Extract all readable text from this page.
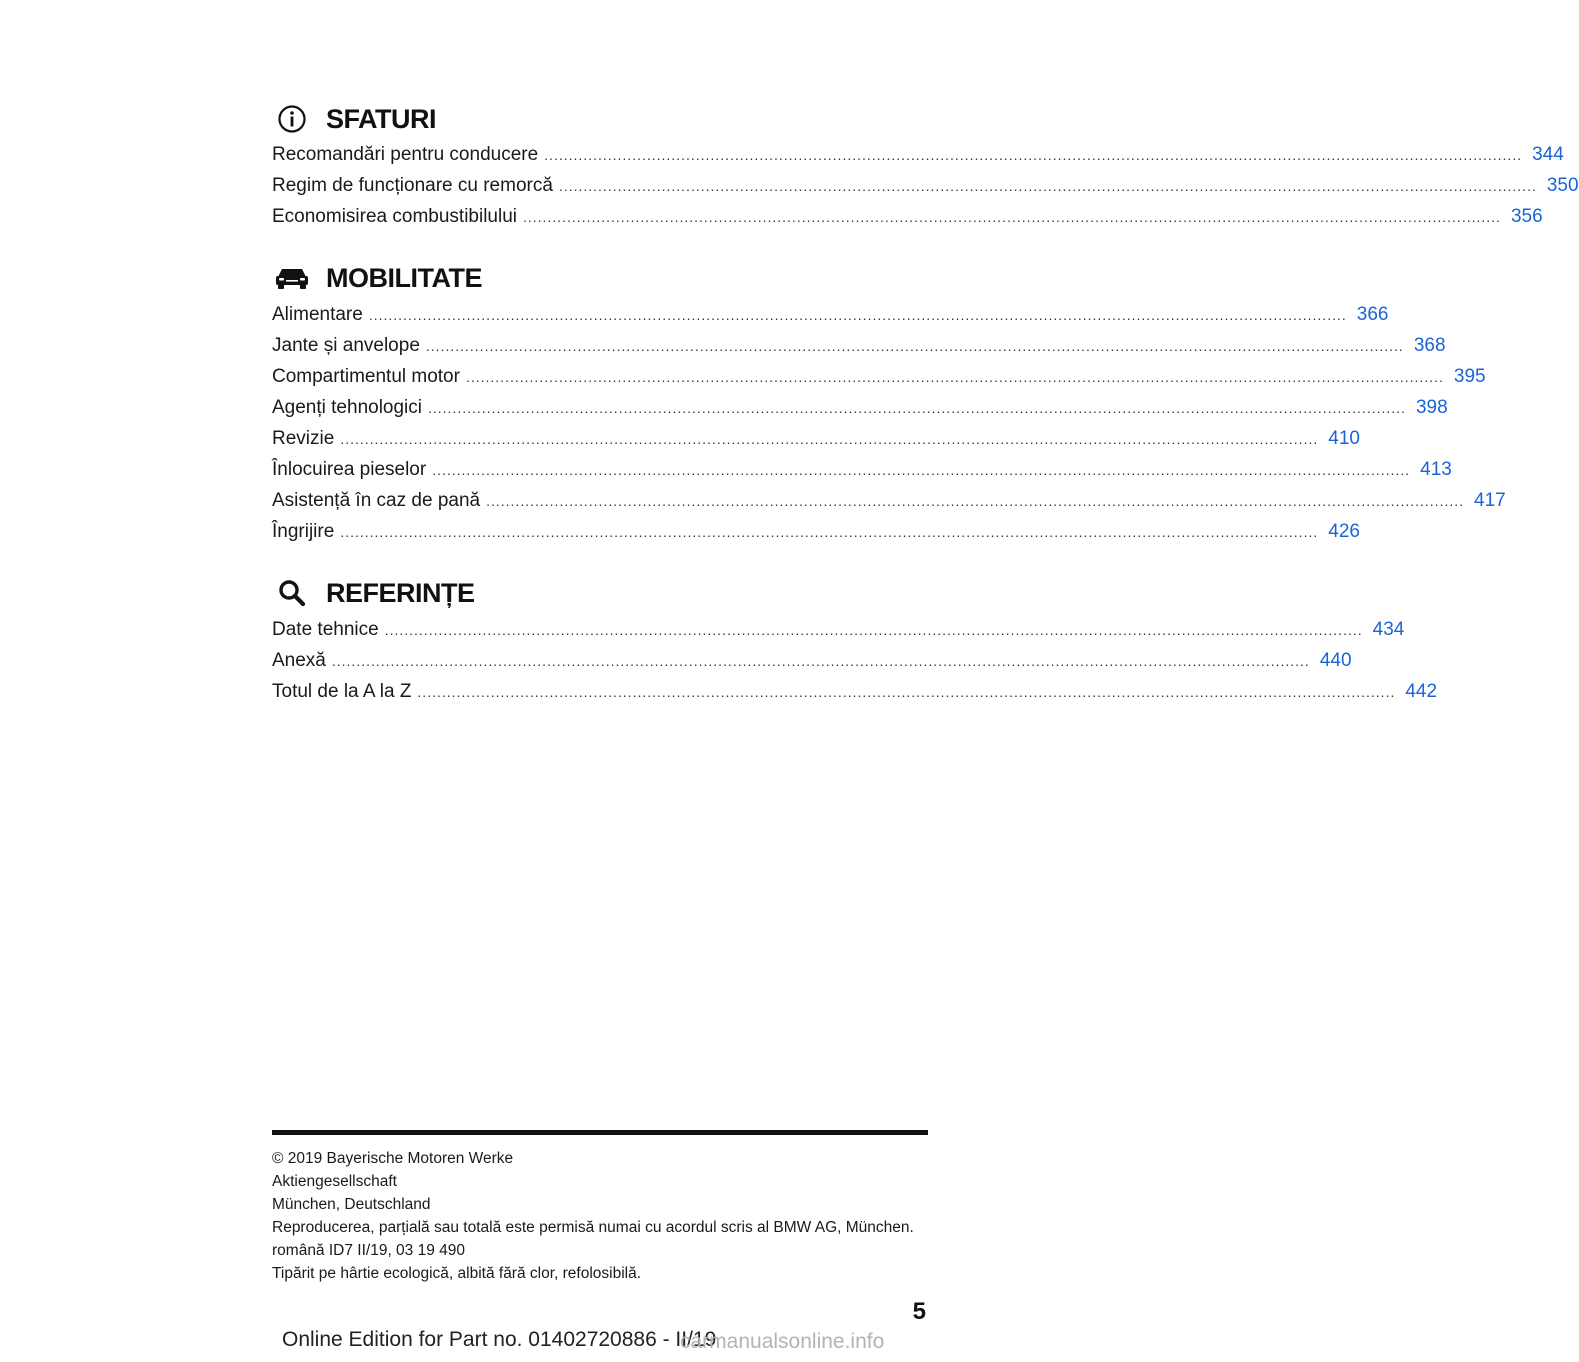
SFATURI
Recomandări pentru conducere ........................................................................................................................................................................................................ 344
Regim de funcționare cu remorcă ........................................................................................................................................................................................................ 350
Economisirea combustibilului ........................................................................................................................................................................................................ 356
MOBILITATE
Alimentare ........................................................................................................................................................................................................ 366
Jante și anvelope ........................................................................................................................................................................................................ 368
Compartimentul motor ........................................................................................................................................................................................................ 395
Agenți tehnologici ........................................................................................................................................................................................................ 398
Revizie ........................................................................................................................................................................................................ 410
Înlocuirea pieselor ........................................................................................................................................................................................................ 413
Asistență în caz de pană ........................................................................................................................................................................................................ 417
Îngrijire ........................................................................................................................................................................................................ 426
REFERINȚE
Date tehnice ........................................................................................................................................................................................................ 434
Anexă ........................................................................................................................................................................................................ 440
Totul de la A la Z ........................................................................................................................................................................................................ 442
© 2019 Bayerische Motoren Werke
Aktiengesellschaft
München, Deutschland
Reproducerea, parțială sau totală este permisă numai cu acordul scris al BMW AG, München.
română ID7 II/19, 03 19 490
Tipărit pe hârtie ecologică, albită fără clor, refolosibilă.
5
Online Edition for Part no. 01402720886 - II/19
carmanualsonline.info
